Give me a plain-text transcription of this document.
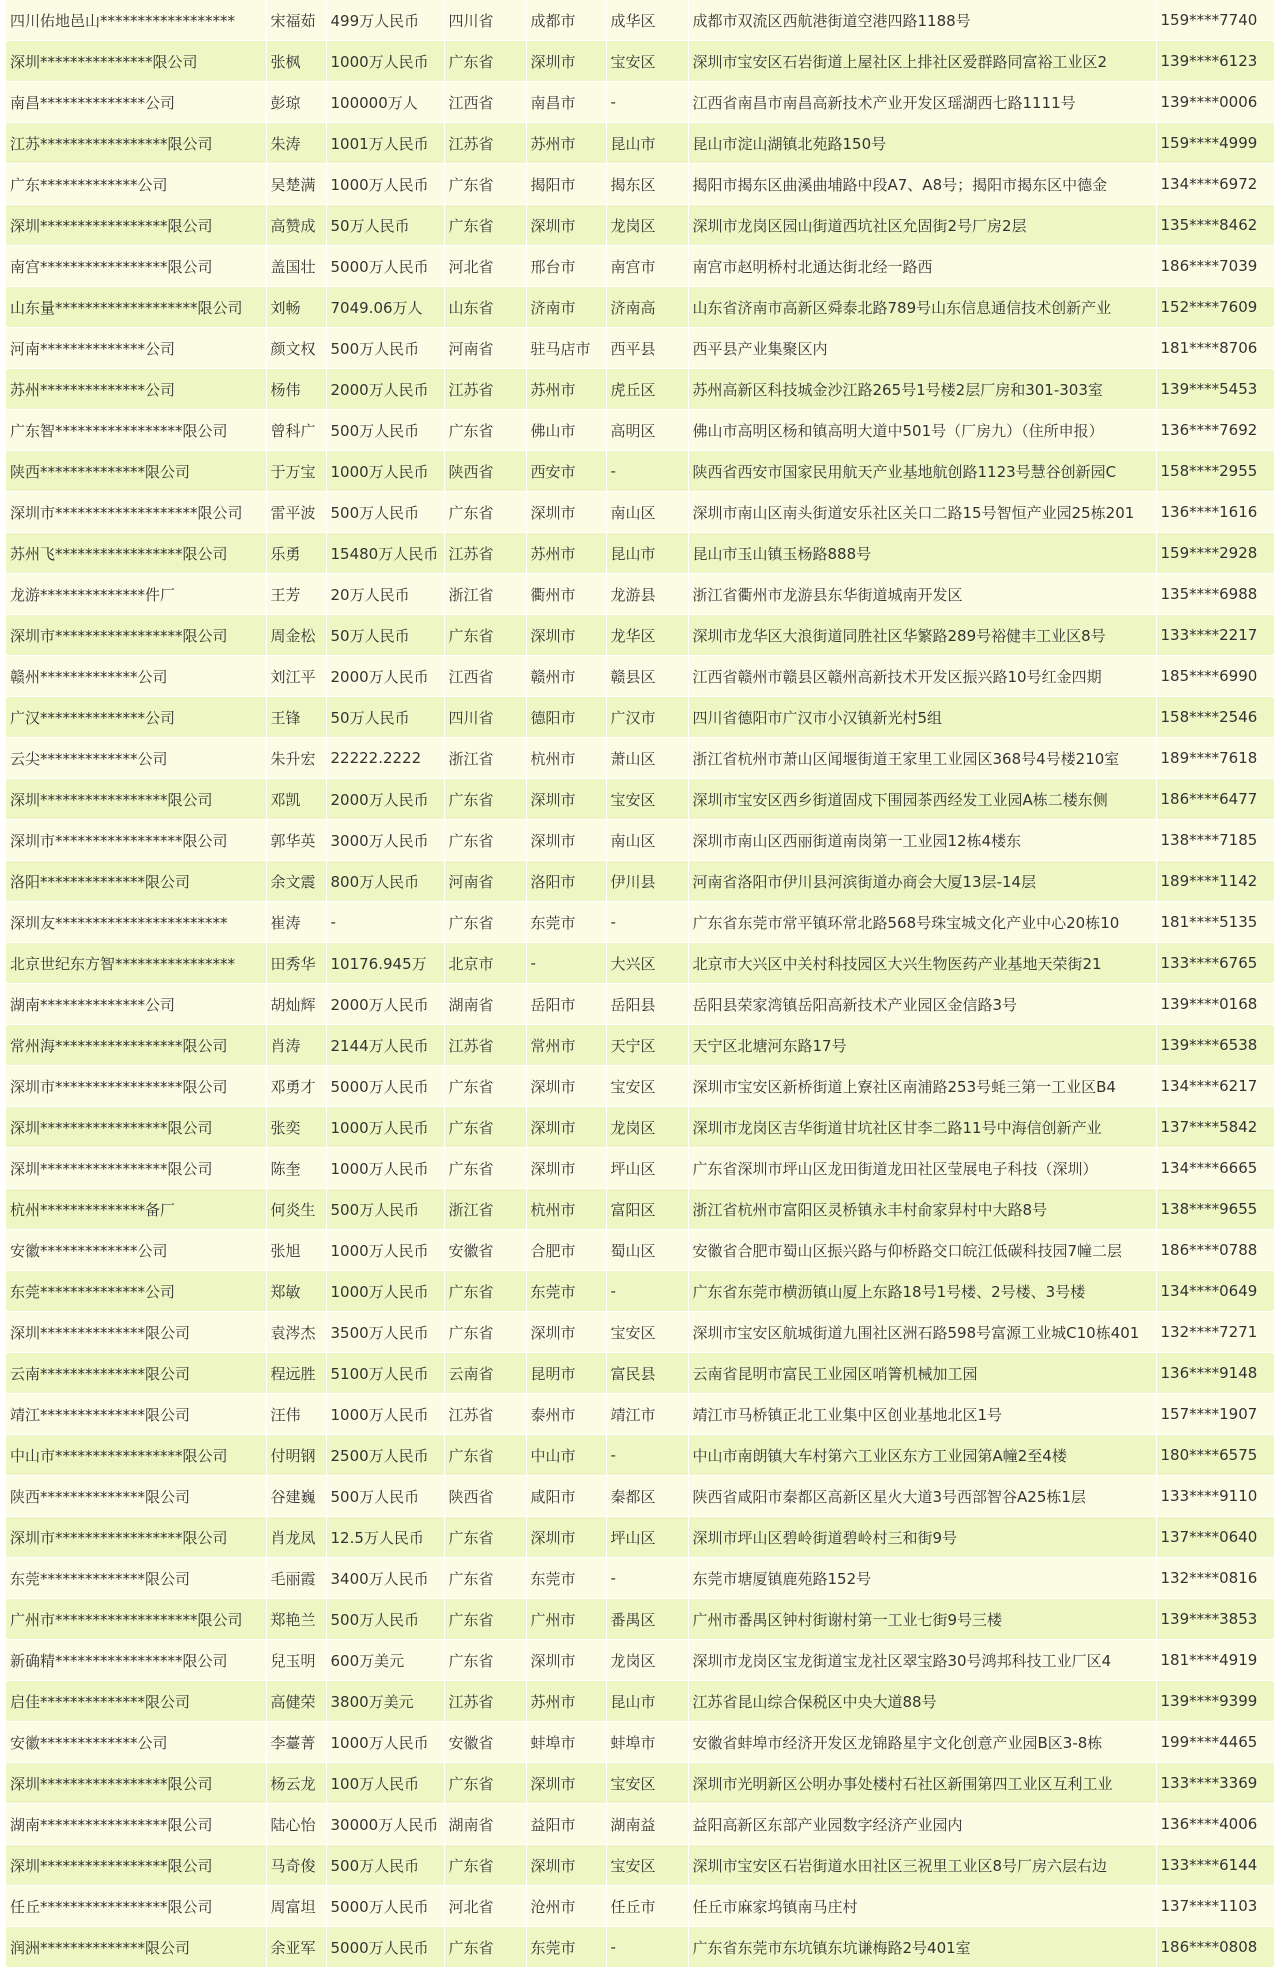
四川佑地邑山******************	宋福茹	499万人民币	四川省	成都市	成华区	成都市双流区西航港街道空港四路1188号	159****7740
深圳***************限公司	张枫	1000万人民币	广东省	深圳市	宝安区	深圳市宝安区石岩街道上屋社区上排社区爱群路同富裕工业区2	139****6123
南昌**************公司	彭琼	100000万人	江西省	南昌市	-	江西省南昌市南昌高新技术产业开发区瑶湖西七路1111号	139****0006
江苏*****************限公司	朱涛	1001万人民币	江苏省	苏州市	昆山市	昆山市淀山湖镇北苑路150号	159****4999
广东*************公司	吴楚满	1000万人民币	广东省	揭阳市	揭东区	揭阳市揭东区曲溪曲埔路中段A7、A8号；揭阳市揭东区中德金	134****6972
深圳*****************限公司	高赞成	50万人民币	广东省	深圳市	龙岗区	深圳市龙岗区园山街道西坑社区允固街2号厂房2层	135****8462
南宫*****************限公司	盖国壮	5000万人民币	河北省	邢台市	南宫市	南宫市赵明桥村北通达街北经一路西	186****7039
山东量*******************限公司	刘畅	7049.06万人	山东省	济南市	济南高	山东省济南市高新区舜泰北路789号山东信息通信技术创新产业	152****7609
河南**************公司	颜文权	500万人民币	河南省	驻马店市	西平县	西平县产业集聚区内	181****8706
苏州**************公司	杨伟	2000万人民币	江苏省	苏州市	虎丘区	苏州高新区科技城金沙江路265号1号楼2层厂房和301-303室	139****5453
广东智*****************限公司	曾科广	500万人民币	广东省	佛山市	高明区	佛山市高明区杨和镇高明大道中501号（厂房九）（住所申报）	136****7692
陕西**************限公司	于万宝	1000万人民币	陕西省	西安市	-	陕西省西安市国家民用航天产业基地航创路1123号慧谷创新园C	158****2955
深圳市*******************限公司	雷平波	500万人民币	广东省	深圳市	南山区	深圳市南山区南头街道安乐社区关口二路15号智恒产业园25栋201	136****1616
苏州飞*****************限公司	乐勇	15480万人民币	江苏省	苏州市	昆山市	昆山市玉山镇玉杨路888号	159****2928
龙游**************件厂	王芳	20万人民币	浙江省	衢州市	龙游县	浙江省衢州市龙游县东华街道城南开发区	135****6988
深圳市*****************限公司	周金松	50万人民币	广东省	深圳市	龙华区	深圳市龙华区大浪街道同胜社区华繁路289号裕健丰工业区8号	133****2217
赣州*************公司	刘江平	2000万人民币	江西省	赣州市	赣县区	江西省赣州市赣县区赣州高新技术开发区振兴路10号红金四期	185****6990
广汉**************公司	王锋	50万人民币	四川省	德阳市	广汉市	四川省德阳市广汉市小汉镇新光村5组	158****2546
云尖*************公司	朱升宏	22222.2222	浙江省	杭州市	萧山区	浙江省杭州市萧山区闻堰街道王家里工业园区368号4号楼210室	189****7618
深圳*****************限公司	邓凯	2000万人民币	广东省	深圳市	宝安区	深圳市宝安区西乡街道固戍下围园茶西经发工业园A栋二楼东侧	186****6477
深圳市*****************限公司	郭华英	3000万人民币	广东省	深圳市	南山区	深圳市南山区西丽街道南岗第一工业园12栋4楼东	138****7185
洛阳**************限公司	余文震	800万人民币	河南省	洛阳市	伊川县	河南省洛阳市伊川县河滨街道办商会大厦13层-14层	189****1142
深圳友***********************	崔涛	-	广东省	东莞市	-	广东省东莞市常平镇环常北路568号珠宝城文化产业中心20栋10	181****5135
北京世纪东方智****************	田秀华	10176.945万	北京市	-	大兴区	北京市大兴区中关村科技园区大兴生物医药产业基地天荣街21	133****6765
湖南**************公司	胡灿辉	2000万人民币	湖南省	岳阳市	岳阳县	岳阳县荣家湾镇岳阳高新技术产业园区金信路3号	139****0168
常州海*****************限公司	肖涛	2144万人民币	江苏省	常州市	天宁区	天宁区北塘河东路17号	139****6538
深圳市*****************限公司	邓勇才	5000万人民币	广东省	深圳市	宝安区	深圳市宝安区新桥街道上寮社区南浦路253号蚝三第一工业区B4	134****6217
深圳*****************限公司	张奕	1000万人民币	广东省	深圳市	龙岗区	深圳市龙岗区吉华街道甘坑社区甘李二路11号中海信创新产业	137****5842
深圳*****************限公司	陈奎	1000万人民币	广东省	深圳市	坪山区	广东省深圳市坪山区龙田街道龙田社区莹展电子科技（深圳）	134****6665
杭州**************备厂	何炎生	500万人民币	浙江省	杭州市	富阳区	浙江省杭州市富阳区灵桥镇永丰村俞家舁村中大路8号	138****9655
安徽*************公司	张旭	1000万人民币	安徽省	合肥市	蜀山区	安徽省合肥市蜀山区振兴路与仰桥路交口皖江低碳科技园7幢二层	186****0788
东莞**************公司	郑敏	1000万人民币	广东省	东莞市	-	广东省东莞市横沥镇山厦上东路18号1号楼、2号楼、3号楼	134****0649
深圳**************限公司	袁涔杰	3500万人民币	广东省	深圳市	宝安区	深圳市宝安区航城街道九围社区洲石路598号富源工业城C10栋401	132****7271
云南**************限公司	程远胜	5100万人民币	云南省	昆明市	富民县	云南省昆明市富民工业园区哨箐机械加工园	136****9148
靖江**************限公司	汪伟	1000万人民币	江苏省	泰州市	靖江市	靖江市马桥镇正北工业集中区创业基地北区1号	157****1907
中山市*****************限公司	付明钢	2500万人民币	广东省	中山市	-	中山市南朗镇大车村第六工业区东方工业园第A幢2至4楼	180****6575
陕西**************限公司	谷建巍	500万人民币	陕西省	咸阳市	秦都区	陕西省咸阳市秦都区高新区星火大道3号西部智谷A25栋1层	133****9110
深圳市*****************限公司	肖龙凤	12.5万人民币	广东省	深圳市	坪山区	深圳市坪山区碧岭街道碧岭村三和街9号	137****0640
东莞**************限公司	毛丽霞	3400万人民币	广东省	东莞市	-	东莞市塘厦镇鹿苑路152号	132****0816
广州市*******************限公司	郑艳兰	500万人民币	广东省	广州市	番禺区	广州市番禺区钟村街谢村第一工业七街9号三楼	139****3853
新确精*****************限公司	兒玉明	600万美元	广东省	深圳市	龙岗区	深圳市龙岗区宝龙街道宝龙社区翠宝路30号鸿邦科技工业厂区4	181****4919
启佳**************限公司	高健荣	3800万美元	江苏省	苏州市	昆山市	江苏省昆山综合保税区中央大道88号	139****9399
安徽*************公司	李薹菁	1000万人民币	安徽省	蚌埠市	蚌埠市	安徽省蚌埠市经济开发区龙锦路星宇文化创意产业园B区3-8栋	199****4465
深圳*****************限公司	杨云龙	100万人民币	广东省	深圳市	宝安区	深圳市光明新区公明办事处楼村石社区新围第四工业区互利工业	133****3369
湖南*****************限公司	陆心怡	30000万人民币	湖南省	益阳市	湖南益	益阳高新区东部产业园数字经济产业园内	136****4006
深圳*****************限公司	马奇俊	500万人民币	广东省	深圳市	宝安区	深圳市宝安区石岩街道水田社区三祝里工业区8号厂房六层右边	133****6144
任丘*****************限公司	周富坦	5000万人民币	河北省	沧州市	任丘市	任丘市麻家坞镇南马庄村	137****1103
润洲**************限公司	余亚军	5000万人民币	广东省	东莞市	-	广东省东莞市东坑镇东坑谦梅路2号401室	186****0808
